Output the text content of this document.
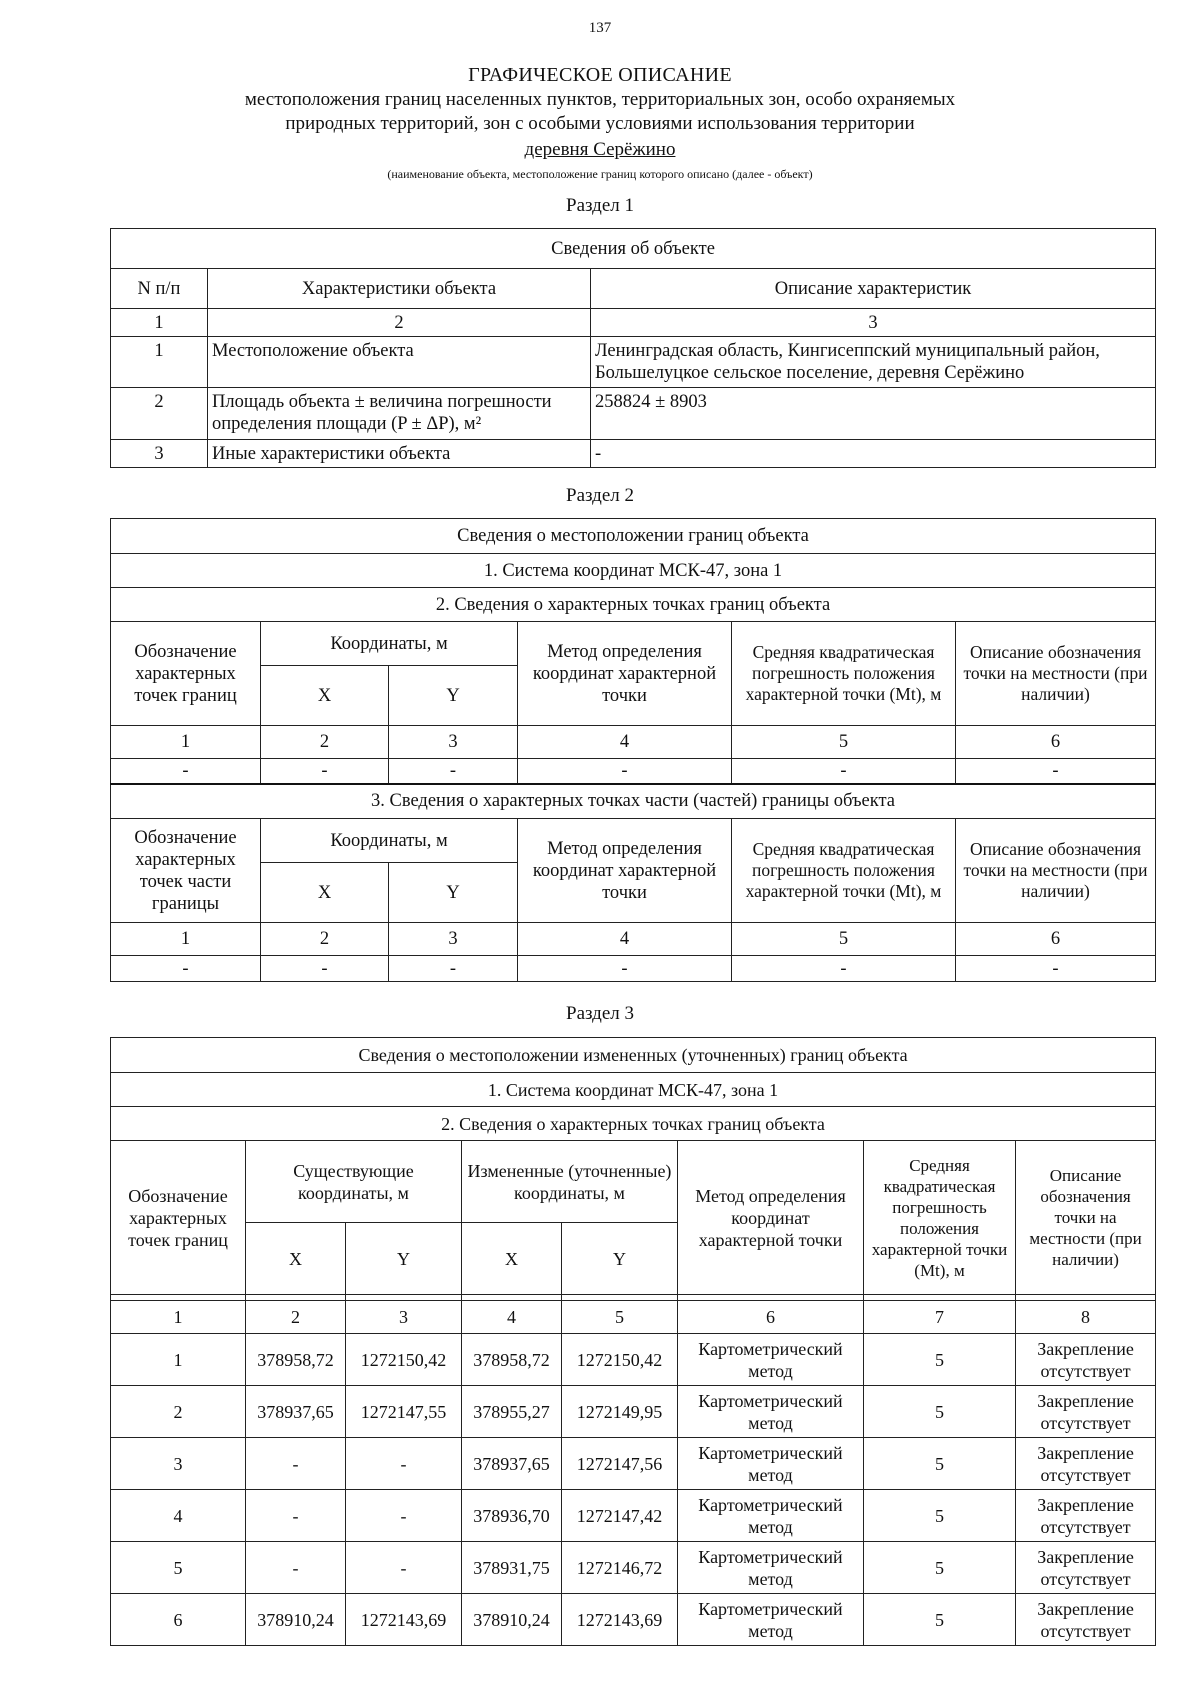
137
ГРАФИЧЕСКОЕ ОПИСАНИЕ
местоположения границ населенных пунктов, территориальных зон, особо охраняемых
природных территорий, зон с особыми условиями использования территории
деревня Серёжино
(наименование объекта, местоположение границ которого описано (далее - объект)
Раздел 1
Сведения об объекте		
N п/п	Характеристики объекта	Описание характеристик
1	2	3
1	Местоположение объекта	Ленинградская область, Кингисеппский муниципальный район, Большелуцкое сельское поселение, деревня Серёжино
2	Площадь объекта ± величина погрешности определения площади (P ± ΔP), м²	258824 ± 8903
3	Иные характеристики объекта	-
Раздел 2
Сведения о местоположении границ объекта					
1. Система координат МСК-47, зона 1					
2. Сведения о характерных точках границ объекта					
Обозначение характерных точек границ	Координаты, м		Метод определения координат характерной точки	Средняя квадратическая погрешность положения характерной точки (Mt), м	Описание обозначения точки на местности (при наличии)
	X	Y			
1	2	3	4	5	6
-	-	-	-	-	-
3. Сведения о характерных точках части (частей) границы объекта					
Обозначение характерных точек части границы	Координаты, м		Метод определения координат характерной точки	Средняя квадратическая погрешность положения характерной точки (Mt), м	Описание обозначения точки на местности (при наличии)
	X	Y			
1	2	3	4	5	6
-	-	-	-	-	-
Раздел 3
Сведения о местоположении измененных (уточненных) границ объекта							
1. Система координат МСК-47, зона 1							
2. Сведения о характерных точках границ объекта							
Обозначение характерных точек границ	Существующие координаты, м		Измененные (уточненные) координаты, м		Метод определения координат характерной точки	Средняя квадратическая погрешность положения характерной точки (Mt), м	Описание обозначения точки на местности (при наличии)
	X	Y	X	Y			

1	2	3	4	5	6	7	8
1	378958,72	1272150,42	378958,72	1272150,42	Картометрический метод	5	Закрепление отсутствует
2	378937,65	1272147,55	378955,27	1272149,95	Картометрический метод	5	Закрепление отсутствует
3	-	-	378937,65	1272147,56	Картометрический метод	5	Закрепление отсутствует
4	-	-	378936,70	1272147,42	Картометрический метод	5	Закрепление отсутствует
5	-	-	378931,75	1272146,72	Картометрический метод	5	Закрепление отсутствует
6	378910,24	1272143,69	378910,24	1272143,69	Картометрический метод	5	Закрепление отсутствует
